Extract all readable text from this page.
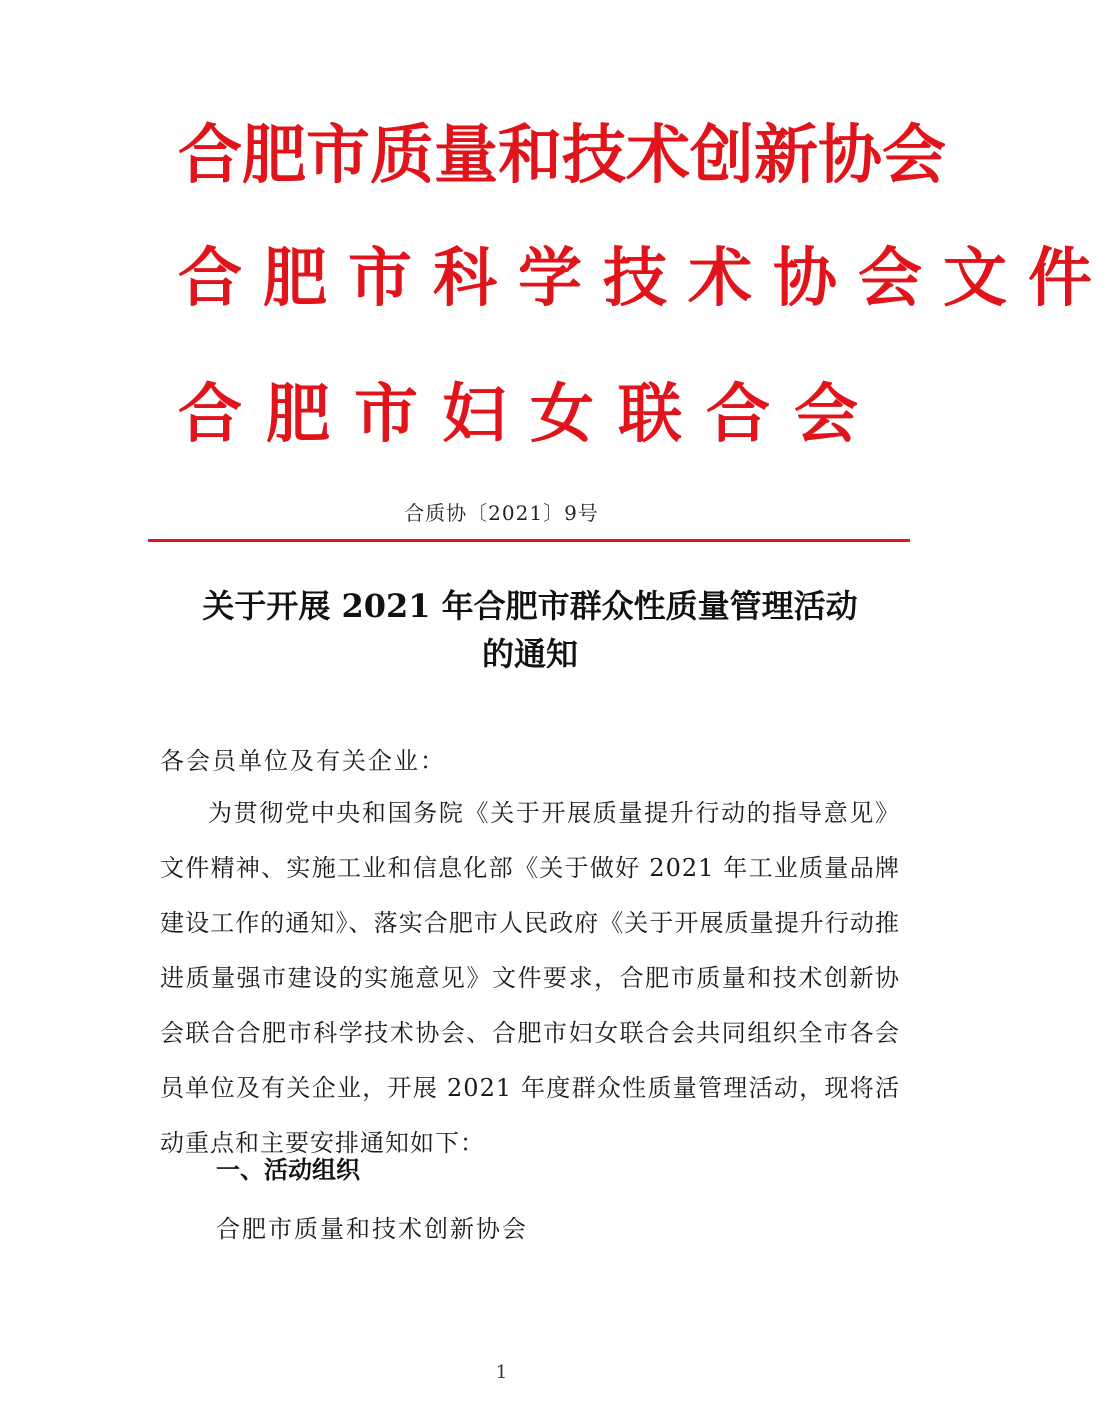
合肥市质量和技术创新协会
合肥市科学技术协会文件
合肥市妇女联合会
合质协〔2021〕9号
关于开展 2021 年合肥市群众性质量管理活动
的通知
各会员单位及有关企业：
为贯彻党中央和国务院《关于开展质量提升行动的指导意见》文件精神、实施工业和信息化部《关于做好 2021 年工业质量品牌建设工作的通知》、落实合肥市人民政府《关于开展质量提升行动推进质量强市建设的实施意见》文件要求，合肥市质量和技术创新协会联合合肥市科学技术协会、合肥市妇女联合会共同组织全市各会员单位及有关企业，开展 2021 年度群众性质量管理活动，现将活动重点和主要安排通知如下：
一、活动组织
合肥市质量和技术创新协会
1
